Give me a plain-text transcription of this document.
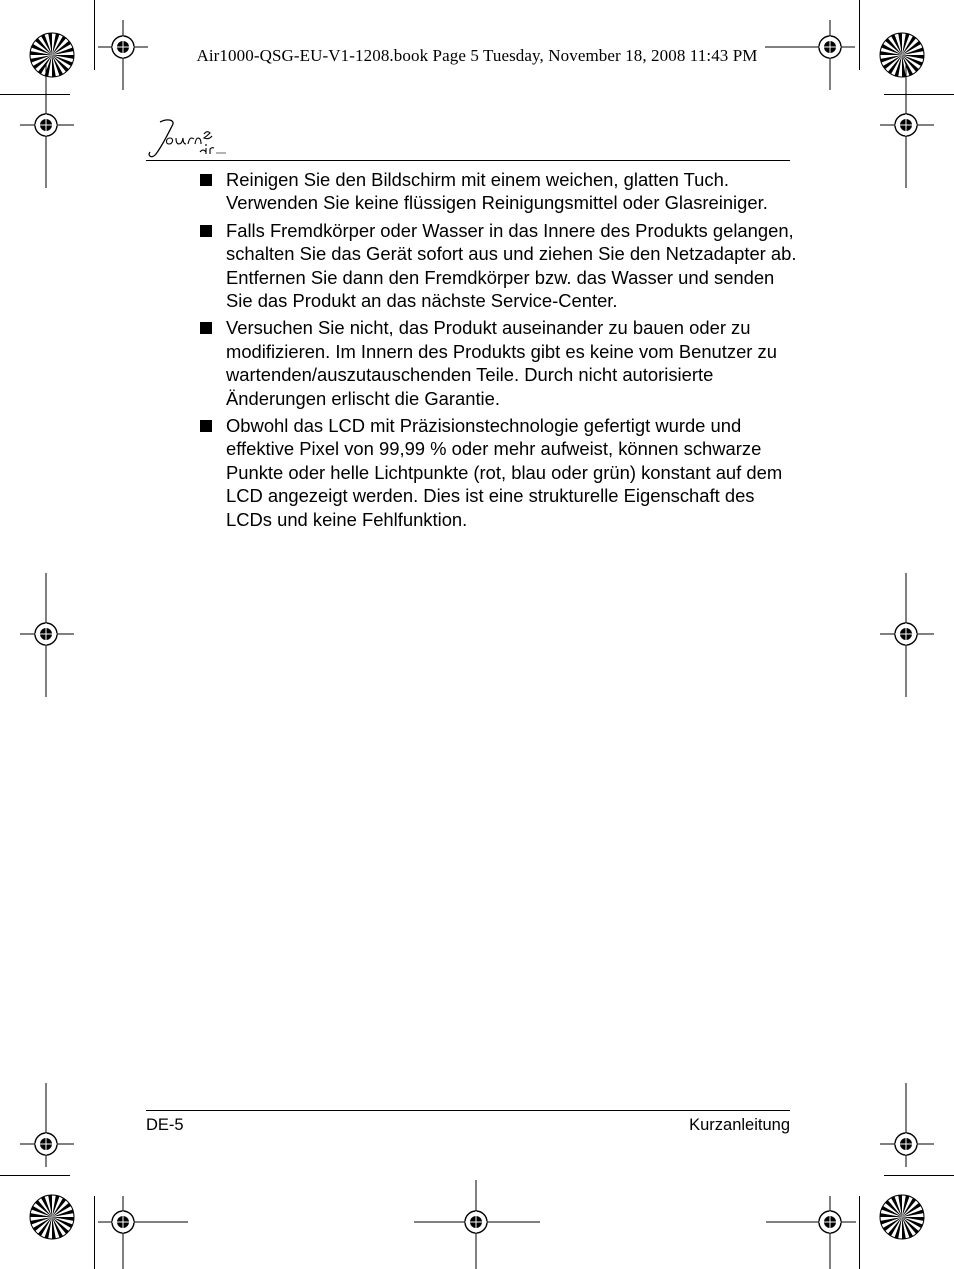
Air1000-QSG-EU-V1-1208.book Page 5 Tuesday, November 18, 2008 11:43 PM
Reinigen Sie den Bildschirm mit einem weichen, glatten Tuch. Verwenden Sie keine flüssigen Reinigungsmittel oder Glasreiniger.
Falls Fremdkörper oder Wasser in das Innere des Produkts gelangen, schalten Sie das Gerät sofort aus und ziehen Sie den Netzadapter ab. Entfernen Sie dann den Fremdkörper bzw. das Wasser und senden Sie das Produkt an das nächste Service-Center.
Versuchen Sie nicht, das Produkt auseinander zu bauen oder zu modifizieren. Im Innern des Produkts gibt es keine vom Benutzer zu wartenden/auszutauschenden Teile. Durch nicht autorisierte Änderungen erlischt die Garantie.
Obwohl das LCD mit Präzisionstechnologie gefertigt wurde und effektive Pixel von 99,99 % oder mehr aufweist, können schwarze Punkte oder helle Lichtpunkte (rot, blau oder grün) konstant auf dem LCD angezeigt werden. Dies ist eine strukturelle Eigenschaft des LCDs und keine Fehlfunktion.
DE-5	Kurzanleitung
